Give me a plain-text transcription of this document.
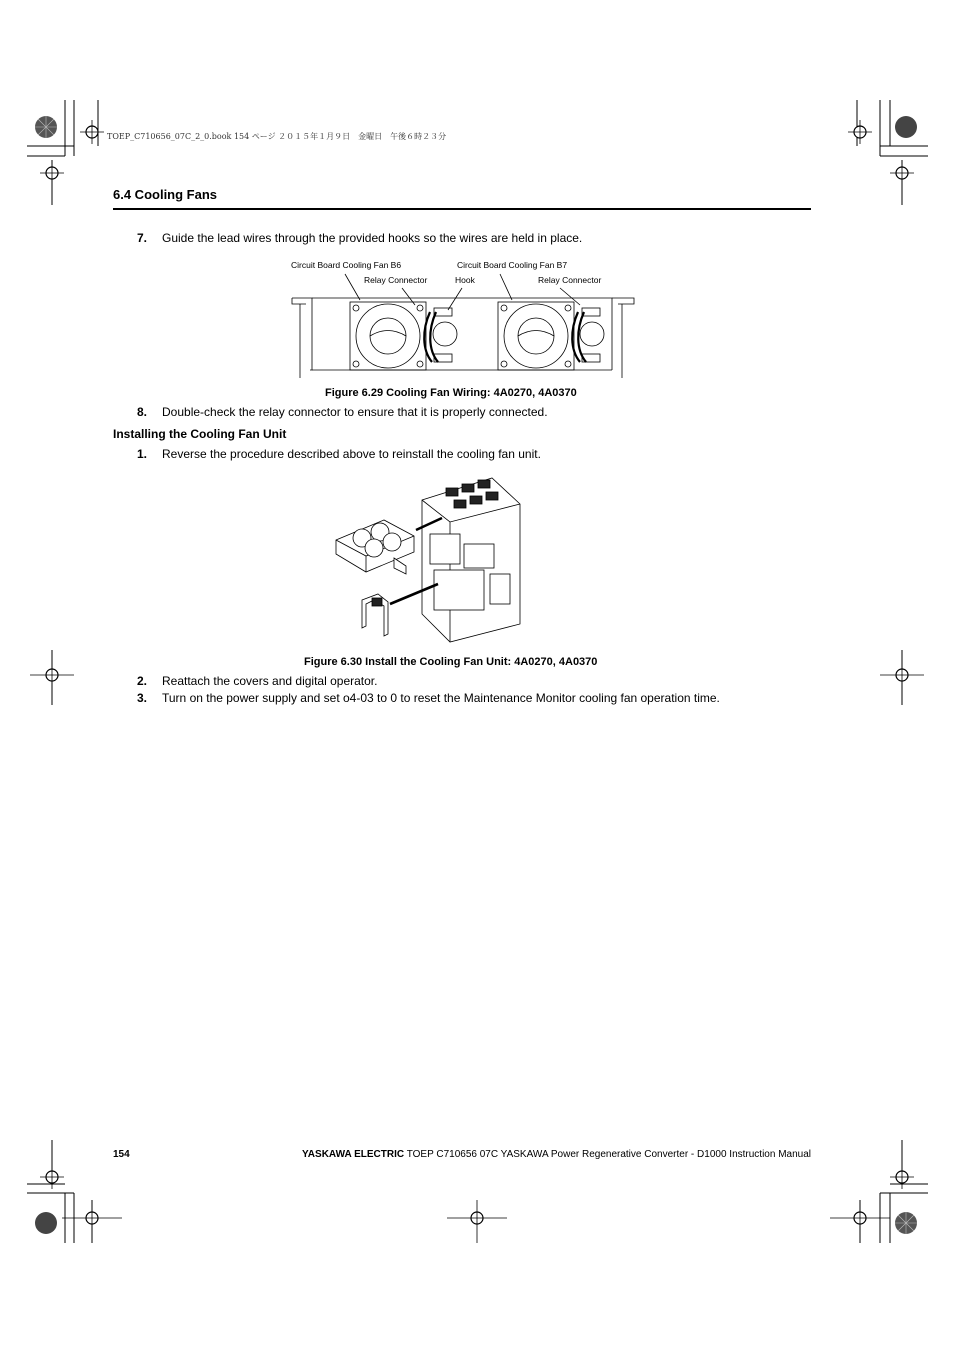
TOEP_C710656_07C_2_0.book 154 ページ ２０１５年１月９日　金曜日　午後６時２３分
6.4 Cooling Fans
7. Guide the lead wires through the provided hooks so the wires are held in place.
Circuit Board Cooling Fan B6
Relay Connector	Hook
Circuit Board Cooling Fan B7
Relay Connector
Figure 6.29 Cooling Fan Wiring: 4A0270, 4A0370
8. Double-check the relay connector to ensure that it is properly connected.
Installing the Cooling Fan Unit
1. Reverse the procedure described above to reinstall the cooling fan unit.
Figure 6.30 Install the Cooling Fan Unit: 4A0270, 4A0370
2. Reattach the covers and digital operator.
3. Turn on the power supply and set o4-03 to 0 to reset the Maintenance Monitor cooling fan operation time.
154	YASKAWA ELECTRIC TOEP C710656 07C YASKAWA Power Regenerative Converter - D1000 Instruction Manual
